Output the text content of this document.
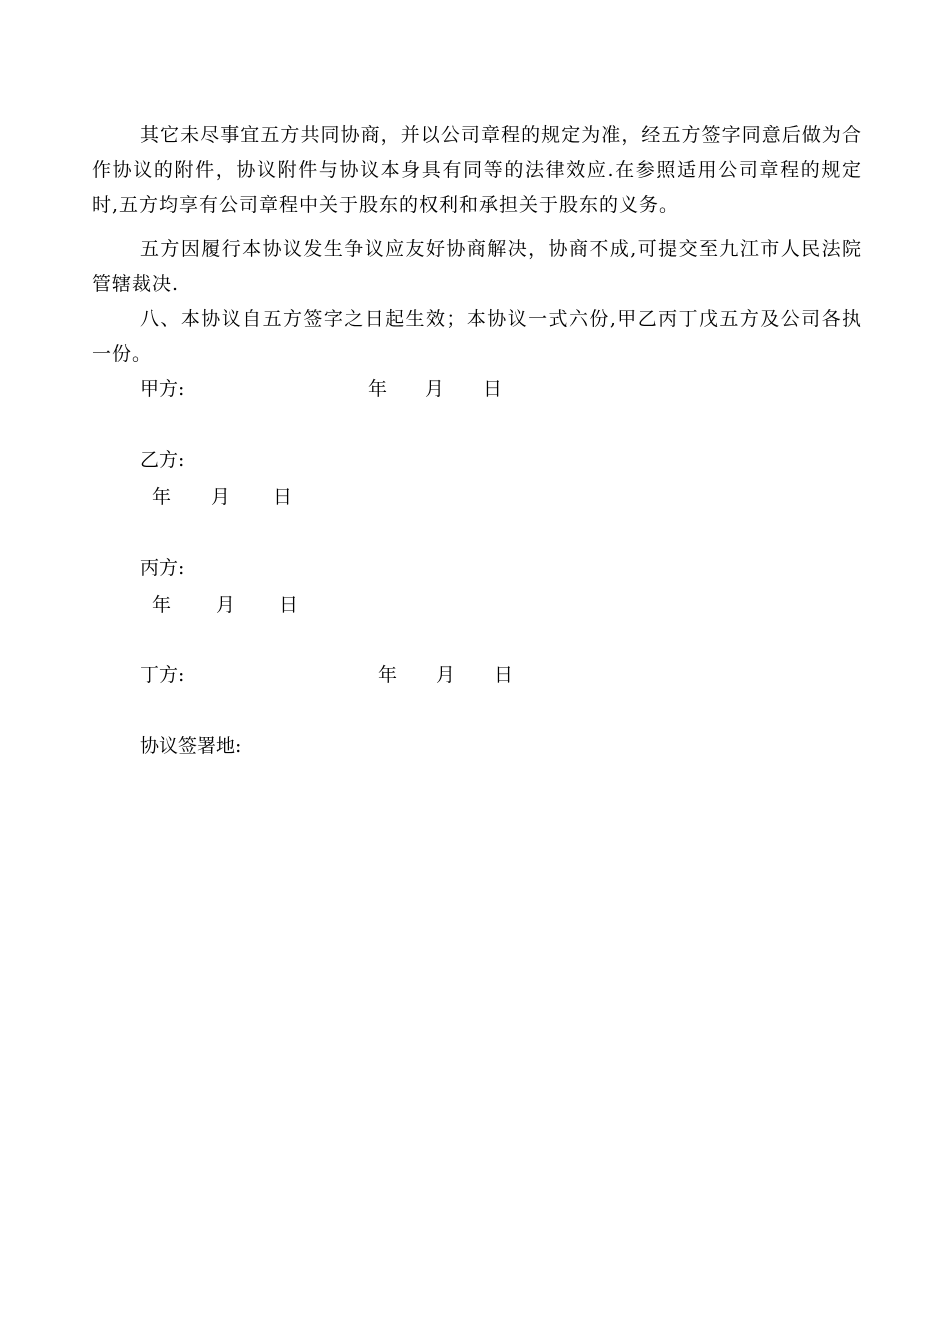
其它未尽事宜五方共同协商，并以公司章程的规定为准，经五方签字同意后做为合作协议的附件，协议附件与协议本身具有同等的法律效应.在参照适用公司章程的规定时,五方均享有公司章程中关于股东的权利和承担关于股东的义务。

五方因履行本协议发生争议应友好协商解决，协商不成,可提交至九江市人民法院管辖裁决.

八、本协议自五方签字之日起生效；本协议一式六份,甲乙丙丁戊五方及公司各执一份。

甲方:	年 月 日
乙方:
年 月 日
丙方:
年 月 日
丁方:	年 月 日
协议签署地:
